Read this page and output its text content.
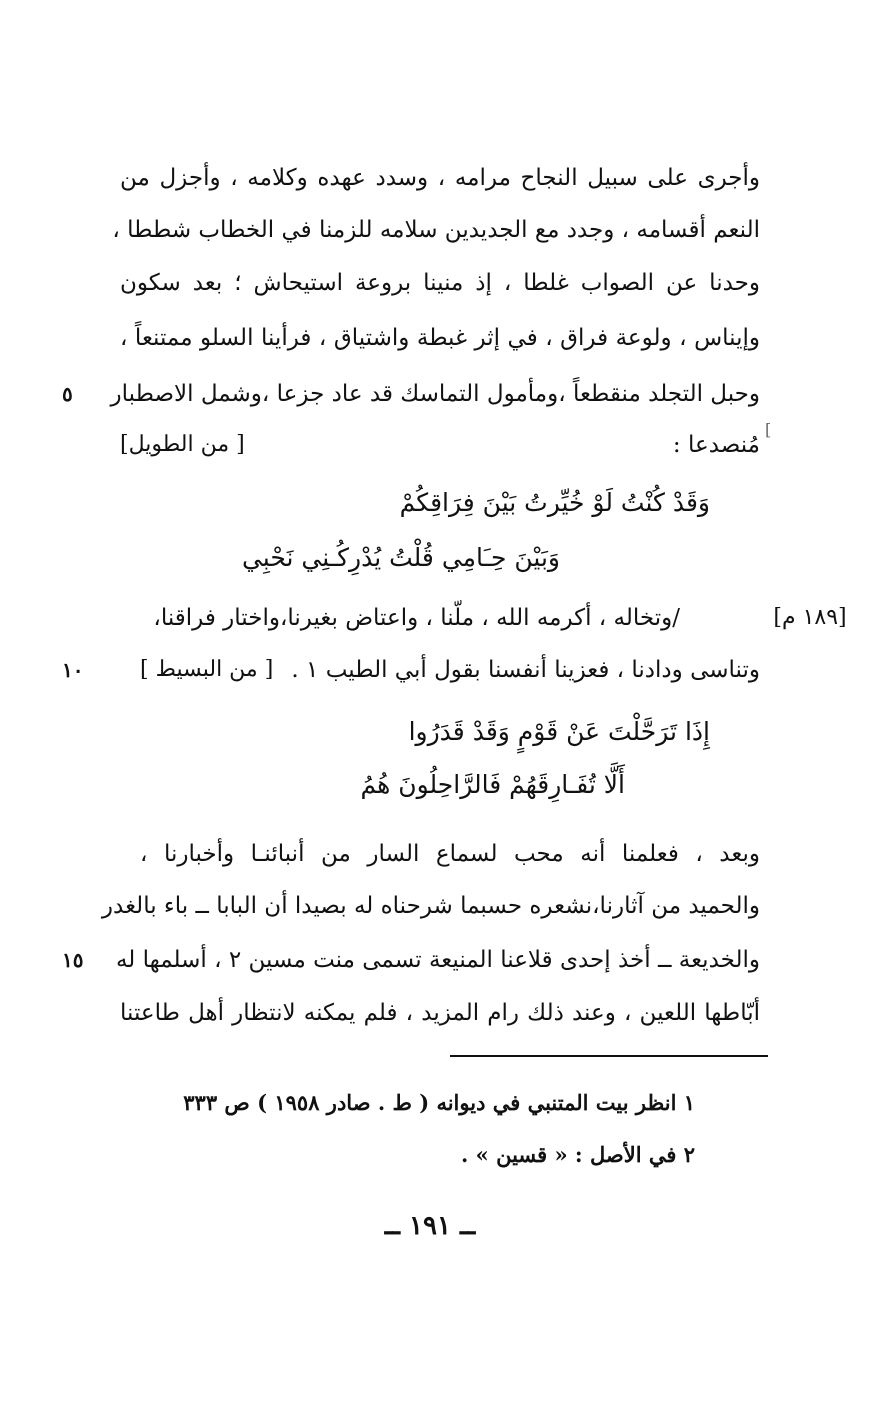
وأجرى على سبيل النجاح مرامه ، وسدد عهده وكلامه ، وأجزل من
النعم أقسامه ، وجدد مع الجديدين سلامه للزمنا في الخطاب شططا ،
وحدنا عن الصواب غلطا ، إذ منينا بروعة استيحاش ؛ بعد سكون
وإيناس ، ولوعة فراق ، في إثر غبطة واشتياق ، فرأينا السلو ممتنعاً ،
وحبل التجلد منقطعاً ،ومأمول التماسك قد عاد جزعا ،وشمل الاصطبار
٥
مُنصدعا :
[ من الطويل]
[
وَقَدْ كُنْتُ لَوْ خُيِّرتُ بَيْنَ فِرَاقِكُمْ
وَبَيْنَ حِـَامِي قُلْتُ يُدْرِكُـنِي نَحْبِي
[١٨٩ م]
/وتخاله ، أكرمه الله ، ملّنا ، واعتاض بغيرنا،واختار فراقنا،
وتناسى ودادنا ، فعزينا أنفسنا بقول أبي الطيب ١ .
[ من البسيط ]
١٠
إِذَا تَرَحَّلْتَ عَنْ قَوْمٍ وَقَدْ قَدَرُوا
أَلَّا تُفَـارِقَهُمْ فَالرَّاحِلُونَ هُمُ
وبعد ، فعلمنا أنه محب لسماع السار من أنبائنـا وأخبارنا ،
والحميد من آثارنا،نشعره حسبما شرحناه له بصيدا أن البابا ــ باء بالغدر
والخديعة ــ أخذ إحدى قلاعنا المنيعة تسمى منت مسين ٢ ، أسلمها له
١٥
أبّاطها اللعين ، وعند ذلك رام المزيد ، فلم يمكنه لانتظار أهل طاعتنا
١ انظر بيت المتنبي في ديوانه ( ط . صادر ١٩٥٨ ) ص ٣٣٣
٢ في الأصل : « قسين » .
ــ ١٩١ ــ
